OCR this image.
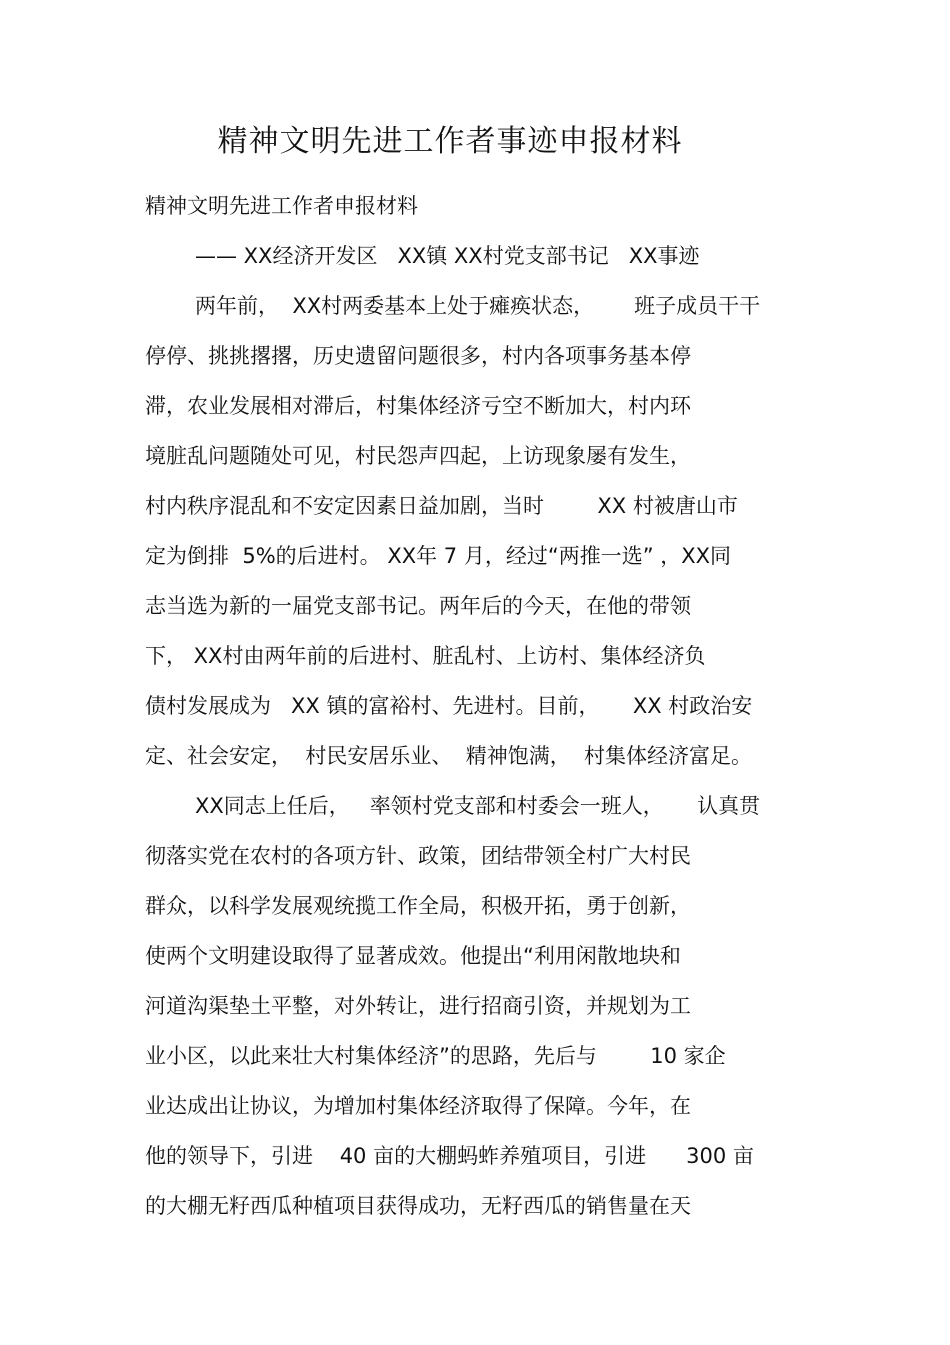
精神文明先进工作者事迹申报材料
精神文明先进工作者申报材料
—— XX经济开发区   XX镇 XX村党支部书记   XX事迹
两年前，  XX村两委基本上处于瘫痪状态，      班子成员干干
停停、挑挑撂撂，历史遗留问题很多，村内各项事务基本停
滞，农业发展相对滞后，村集体经济亏空不断加大，村内环
境脏乱问题随处可见，村民怨声四起，上访现象屡有发生，
村内秩序混乱和不安定因素日益加剧，当时        XX 村被唐山市
定为倒排  5%的后进村。 XX年 7 月，经过“两推一选” ，XX同
志当选为新的一届党支部书记。两年后的今天，在他的带领
下， XX村由两年前的后进村、脏乱村、上访村、集体经济负
债村发展成为   XX 镇的富裕村、先进村。目前，     XX 村政治安
定、社会安定，  村民安居乐业、  精神饱满，  村集体经济富足。
XX同志上任后，   率领村党支部和村委会一班人，     认真贯
彻落实党在农村的各项方针、政策，团结带领全村广大村民
群众，以科学发展观统揽工作全局，积极开拓，勇于创新，
使两个文明建设取得了显著成效。他提出“利用闲散地块和
河道沟渠垫土平整，对外转让，进行招商引资，并规划为工
业小区，以此来壮大村集体经济”的思路，先后与        10 家企
业达成出让协议，为增加村集体经济取得了保障。今年，在
他的领导下，引进    40 亩的大棚蚂蚱养殖项目，引进      300 亩
的大棚无籽西瓜种植项目获得成功，无籽西瓜的销售量在天
